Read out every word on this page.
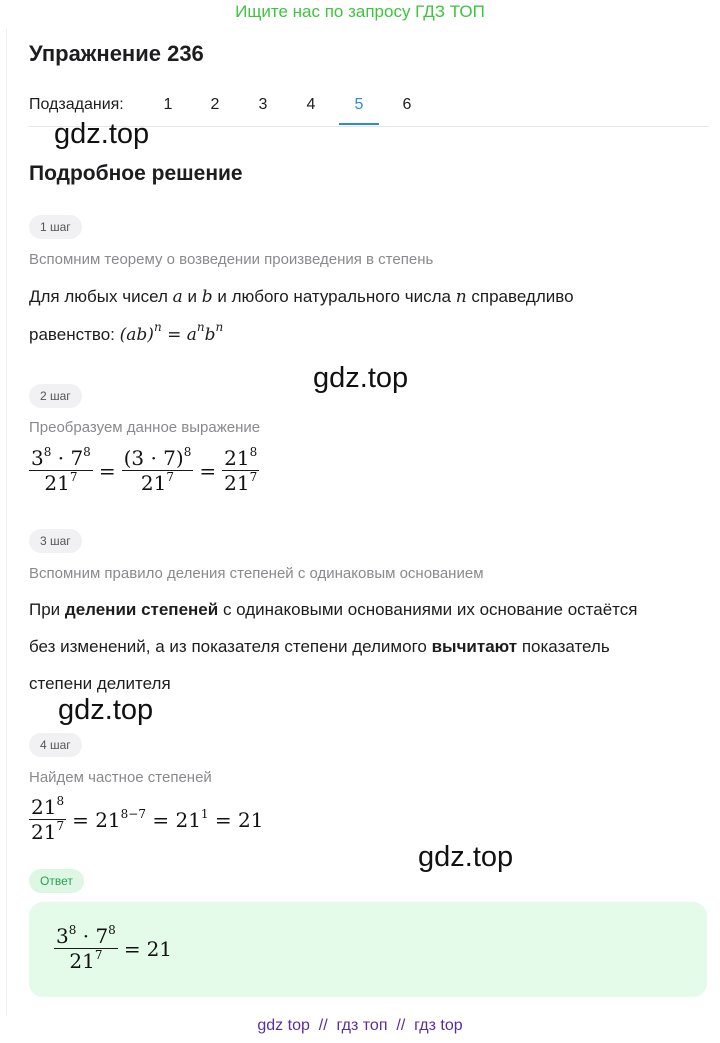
Ищите нас по запросу ГДЗ ТОП
Упражнение 236
Подзадания:	1	2	3	4	5	6
gdz.top
Подробное решение
1 шаг
Вспомним теорему о возведении произведения в степень
Для любых чисел a и b и любого натурального числа n справедливо
равенство: $(ab)^n = a^nb^n$
gdz.top
2 шаг
Преобразуем данное выражение
$\frac{3^8 \cdot 7^8}{21^7} = \frac{(3 \cdot 7)^8}{21^7} = \frac{21^8}{21^7}$
3 шаг
Вспомним правило деления степеней с одинаковым основанием
При делении степеней с одинаковыми основаниями их основание остаётся
без изменений, а из показателя степени делимого вычитают показатель
степени делителя
gdz.top
4 шаг
Найдем частное степеней
$\frac{21^8}{21^7} = 21^{8-7} = 21^1 = 21$
gdz.top
Ответ
$\frac{3^8 \cdot 7^8}{21^7} = 21$
gdz top  //  гдз топ  //  гдз top
